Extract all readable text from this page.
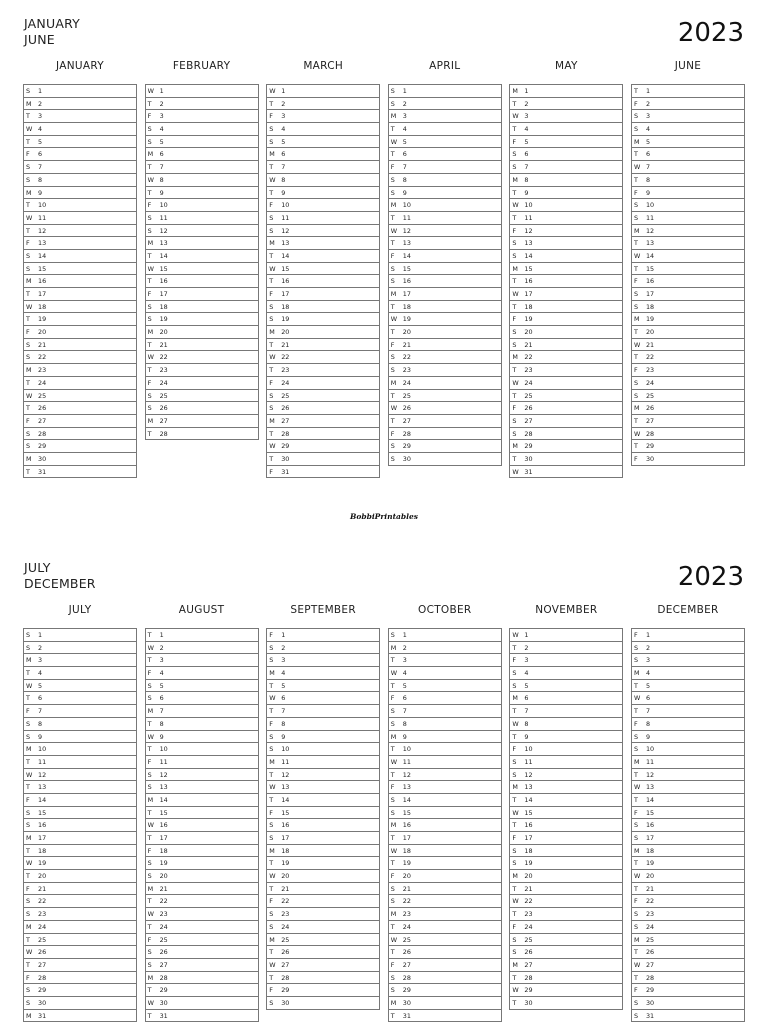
JANUARY
JUNE	2023
JANUARY
S	1
M	2
T	3
W 4
T	5
F	6
S	7
S	8
M	9
T	10
W 11
T	12
F	13
S	14
S	15
M	16
T	17
W 18
T	19
F	20
S	21
S	22
M	23
T	24
W 25
T	26
F	27
S	28
S	29
M	30
T	31
FEBRUARY
W 1
T	2
F	3
S	4
S	5
M	6
T	7
W 8
T	9
F	10
S	11
S	12
M	13
T	14
W 15
T	16
F	17
S	18
S	19
M	20
T	21
W 22
T	23
F	24
S	25
S	26
M	27
T	28
MARCH
W 1
T	2
F	3
S	4
S	5
M	6
T	7
W 8
T	9
F	10
S	11
S	12
M	13
T	14
W 15
T	16
F	17
S	18
S	19
M	20
T	21
W 22
T	23
F	24
S	25
S	26
M	27
T	28
W 29
T	30
F	31
APRIL
S	1
S	2
M	3
T	4
W 5
T	6
F	7
S	8
S	9
M	10
T	11
W 12
T	13
F	14
S	15
S	16
M	17
T	18
W 19
T	20
F	21
S	22
S	23
M	24
T	25
W 26
T	27
F	28
S	29
S	30
MAY
M	1
T	2
W 3
T	4
F	5
S	6
S	7
M	8
T	9
W 10
T	11
F	12
S	13
S	14
M	15
T	16
W 17
T	18
F	19
S	20
S	21
M	22
T	23
W 24
T	25
F	26
S	27
S	28
M	29
T	30
W 31
JUNE
T	1
F	2
S	3
S	4
M	5
T	6
W 7
T	8
F	9
S	10
S	11
M	12
T	13
W 14
T	15
F	16
S	17
S	18
M	19
T	20
W 21
T	22
F	23
S	24
S	25
M	26
T	27
W 28
T	29
F	30
BobbiPrintables
JULY
DECEMBER	2023
JULY
S	1
S	2
M	3
T	4
W 5
T	6
F	7
S	8
S	9
M	10
T	11
W 12
T	13
F	14
S	15
S	16
M	17
T	18
W 19
T	20
F	21
S	22
S	23
M	24
T	25
W 26
T	27
F	28
S	29
S	30
M	31
AUGUST
T	1
W 2
T	3
F	4
S	5
S	6
M	7
T	8
W 9
T	10
F	11
S	12
S	13
M	14
T	15
W 16
T	17
F	18
S	19
S	20
M	21
T	22
W 23
T	24
F	25
S	26
S	27
M	28
T	29
W 30
T	31
SEPTEMBER
F	1
S	2
S	3
M	4
T	5
W 6
T	7
F	8
S	9
S	10
M	11
T	12
W 13
T	14
F	15
S	16
S	17
M	18
T	19
W 20
T	21
F	22
S	23
S	24
M	25
T	26
W 27
T	28
F	29
S	30
OCTOBER
S	1
M	2
T	3
W 4
T	5
F	6
S	7
S	8
M	9
T	10
W 11
T	12
F	13
S	14
S	15
M	16
T	17
W 18
T	19
F	20
S	21
S	22
M	23
T	24
W 25
T	26
F	27
S	28
S	29
M	30
T	31
NOVEMBER
W 1
T	2
F	3
S	4
S	5
M	6
T	7
W 8
T	9
F	10
S	11
S	12
M	13
T	14
W 15
T	16
F	17
S	18
S	19
M	20
T	21
W 22
T	23
F	24
S	25
S	26
M	27
T	28
W 29
T	30
DECEMBER
F	1
S	2
S	3
M	4
T	5
W 6
T	7
F	8
S	9
S	10
M	11
T	12
W 13
T	14
F	15
S	16
S	17
M	18
T	19
W 20
T	21
F	22
S	23
S	24
M	25
T	26
W 27
T	28
F	29
S	30
S	31
